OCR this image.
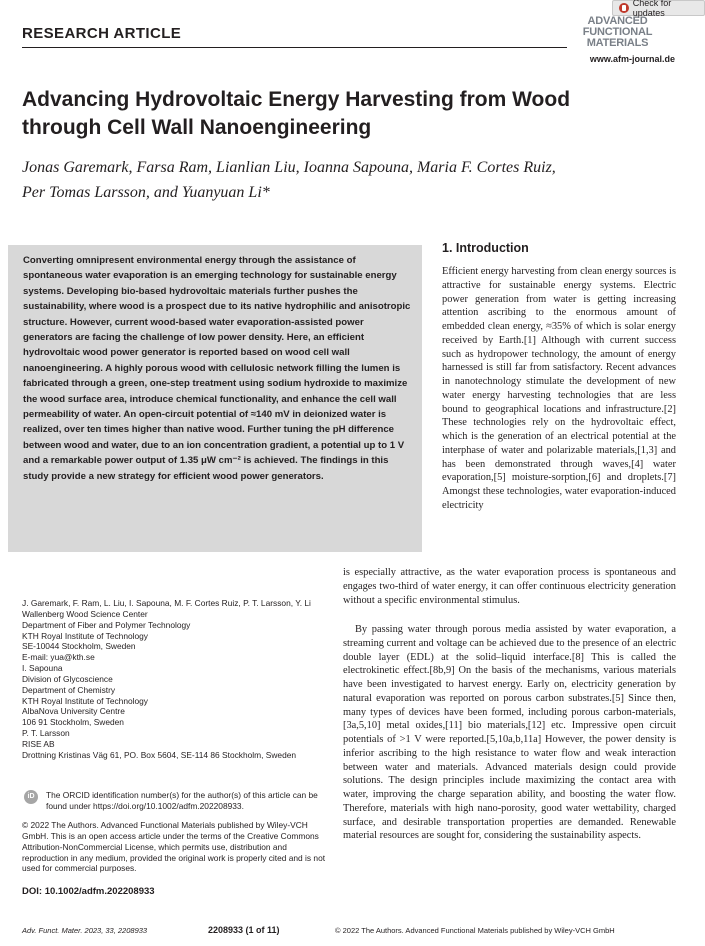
Check for updates
RESEARCH ARTICLE
ADVANCED
FUNCTIONAL
MATERIALS
www.afm-journal.de
Advancing Hydrovoltaic Energy Harvesting from Wood through Cell Wall Nanoengineering
Jonas Garemark, Farsa Ram, Lianlian Liu, Ioanna Sapouna, Maria F. Cortes Ruiz,
Per Tomas Larsson, and Yuanyuan Li*

Converting omnipresent environmental energy through the assistance of spontaneous water evaporation is an emerging technology for sustainable energy systems. Developing bio-based hydrovoltaic materials further pushes the sustainability, where wood is a prospect due to its native hydrophilic and anisotropic structure. However, current wood-based water evaporation-assisted power generators are facing the challenge of low power density. Here, an efficient hydrovoltaic wood power generator is reported based on wood cell wall nanoengineering. A highly porous wood with cellulosic network filling the lumen is fabricated through a green, one-step treatment using sodium hydroxide to maximize the wood surface area, introduce chemical functionality, and enhance the cell wall permeability of water. An open-circuit potential of ≈140 mV in deionized water is realized, over ten times higher than native wood. Further tuning the pH difference between wood and water, due to an ion concentration gradient, a potential up to 1 V and a remarkable power output of 1.35 μW cm⁻² is achieved. The findings in this study provide a new strategy for efficient wood power generators.

1. Introduction

Efficient energy harvesting from clean energy sources is attractive for sustainable energy systems. Electric power generation from water is getting increasing attention ascribing to the enormous amount of embedded clean energy, ≈35% of which is solar energy received by Earth.[1] Although with current success such as hydropower technology, the amount of energy harnessed is still far from satisfactory. Recent advances in nanotechnology stimulate the development of new water energy harvesting technologies that are less bound to geographical locations and infrastructure.[2] These technologies rely on the hydrovoltaic effect, which is the generation of an electrical potential at the interphase of water and polarizable materials,[1,3] and has been demonstrated through waves,[4] water evaporation,[5] moisture-sorption,[6] and droplets.[7] Amongst these technologies, water evaporation-induced electricity

is especially attractive, as the water evaporation process is spontaneous and engages two-third of water energy, it can offer continuous electricity generation without a specific environmental stimulus.

By passing water through porous media assisted by water evaporation, a streaming current and voltage can be achieved due to the presence of an electric double layer (EDL) at the solid–liquid interface.[8] This is called the electrokinetic effect.[8b,9] On the basis of the mechanisms, various materials have been investigated to harvest energy. Early on, electricity generation by natural evaporation was reported on porous carbon substrates.[5] Since then, many types of devices have been formed, including porous carbon-materials,[3a,5,10] metal oxides,[11] bio materials,[12] etc. Impressive open circuit potentials of >1 V were reported.[5,10a,b,11a] However, the power density is inferior ascribing to the high resistance to water flow and weak interaction between water and materials. Advanced materials design could provide solutions. The design principles include maximizing the contact area with water, improving the charge separation ability, and boosting the water flow. Therefore, materials with high nano-porosity, good water wettability, charged surface, and desirable transportation properties are demanded. Renewable material resources are sought for, considering the sustainability aspects.

J. Garemark, F. Ram, L. Liu, I. Sapouna, M. F. Cortes Ruiz, P. T. Larsson, Y. Li

Wallenberg Wood Science Center

Department of Fiber and Polymer Technology

KTH Royal Institute of Technology

SE-10044 Stockholm, Sweden

E-mail: yua@kth.se

I. Sapouna

Division of Glycoscience

Department of Chemistry

KTH Royal Institute of Technology

AlbaNova University Centre

106 91 Stockholm, Sweden

P. T. Larsson

RISE AB

Drottning Kristinas Väg 61, PO. Box 5604, SE-114 86 Stockholm, Sweden

iD	The ORCID identification number(s) for the author(s) of this article can be found under https://doi.org/10.1002/adfm.202208933.
© 2022 The Authors. Advanced Functional Materials published by Wiley-VCH GmbH. This is an open access article under the terms of the Creative Commons Attribution-NonCommercial License, which permits use, distribution and reproduction in any medium, provided the original work is properly cited and is not used for commercial purposes.
DOI: 10.1002/adfm.202208933
Adv. Funct. Mater. 2023, 33, 2208933	2208933 (1 of 11)	© 2022 The Authors. Advanced Functional Materials published by Wiley-VCH GmbH
